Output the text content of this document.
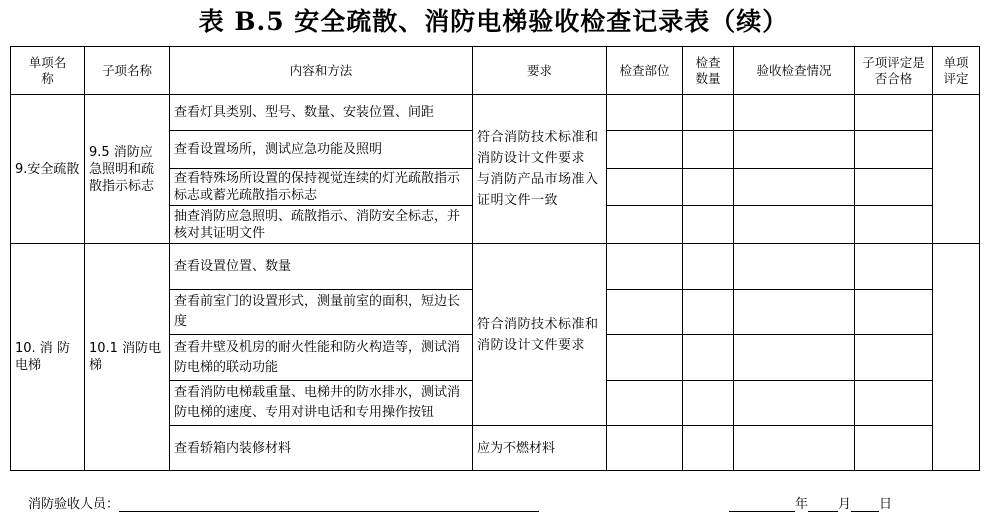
表 B.5 安全疏散、消防电梯验收检查记录表（续）
单项名称	子项名称	内容和方法	要求	检查部位	检查数量	验收检查情况	子项评定是否合格	单项评定
9.安全疏散	9.5 消防应急照明和疏散指示标志	查看灯具类别、型号、数量、安装位置、间距	符合消防技术标准和消防设计文件要求
与消防产品市场准入证明文件一致					
		查看设置场所，测试应急功能及照明						
		查看特殊场所设置的保持视觉连续的灯光疏散指示标志或蓄光疏散指示标志						
		抽查消防应急照明、疏散指示、消防安全标志，并核对其证明文件						
10. 消 防 电梯	10.1 消防电梯	查看设置位置、数量	符合消防技术标准和消防设计文件要求					
		查看前室门的设置形式，测量前室的面积，短边长度						
		查看井壁及机房的耐火性能和防火构造等，测试消防电梯的联动功能						
		查看消防电梯载重量、电梯井的防水排水，测试消防电梯的速度、专用对讲电话和专用操作按钮						
		查看轿箱内装修材料	应为不燃材料					
消防验收人员：	年 月 日
